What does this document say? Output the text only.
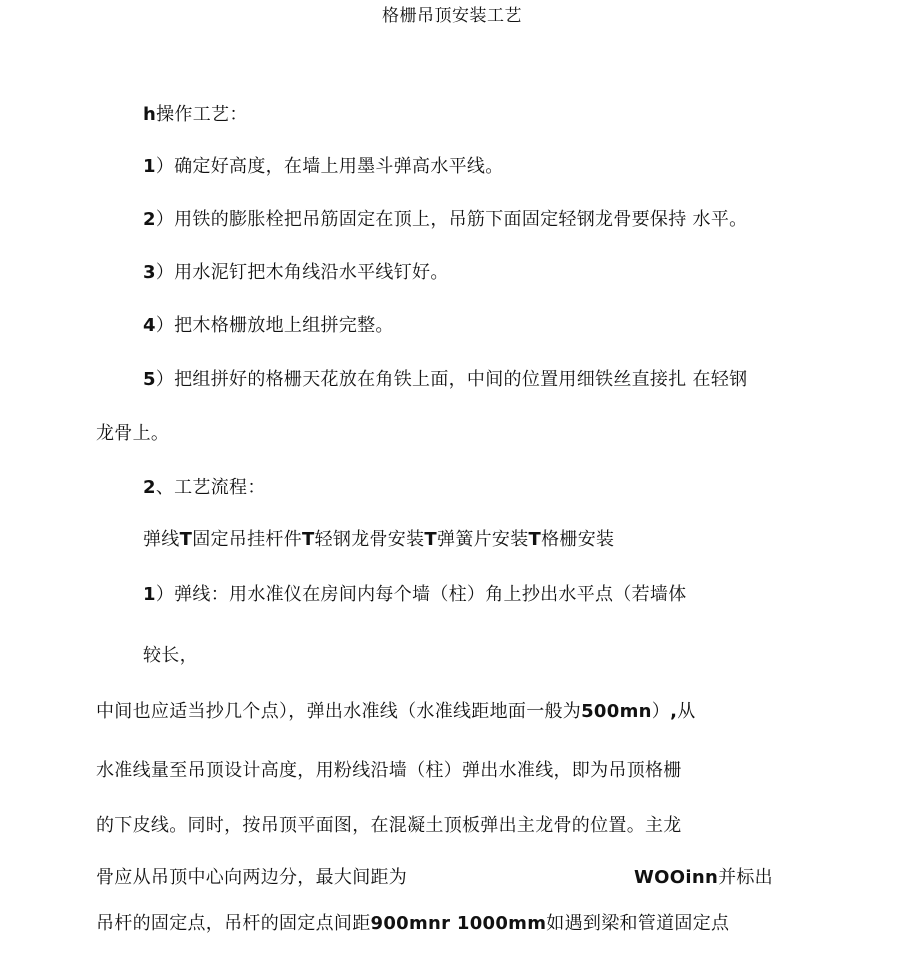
格栅吊顶安装工艺
h操作工艺：
1）确定好高度，在墙上用墨斗弹高水平线。
2）用铁的膨胀栓把吊筋固定在顶上，吊筋下面固定轻钢龙骨要保持 水平。
3）用水泥钉把木角线沿水平线钉好。
4）把木格栅放地上组拼完整。
5）把组拼好的格栅天花放在角铁上面，中间的位置用细铁丝直接扎 在轻钢
龙骨上。
2、工艺流程：
弹线T固定吊挂杆件T轻钢龙骨安装T弹簧片安装T格栅安装
1）弹线：用水准仪在房间内每个墙（柱）角上抄出水平点（若墙体
较长，
中间也应适当抄几个点），弹出水准线（水准线距地面一般为500mn）,从
水准线量至吊顶设计高度，用粉线沿墙（柱）弹出水准线，即为吊顶格栅
的下皮线。同时，按吊顶平面图，在混凝土顶板弹出主龙骨的位置。主龙
骨应从吊顶中心向两边分，最大间距为	WOOinn并标出
吊杆的固定点，吊杆的固定点间距900mnr 1000mm如遇到梁和管道固定点
